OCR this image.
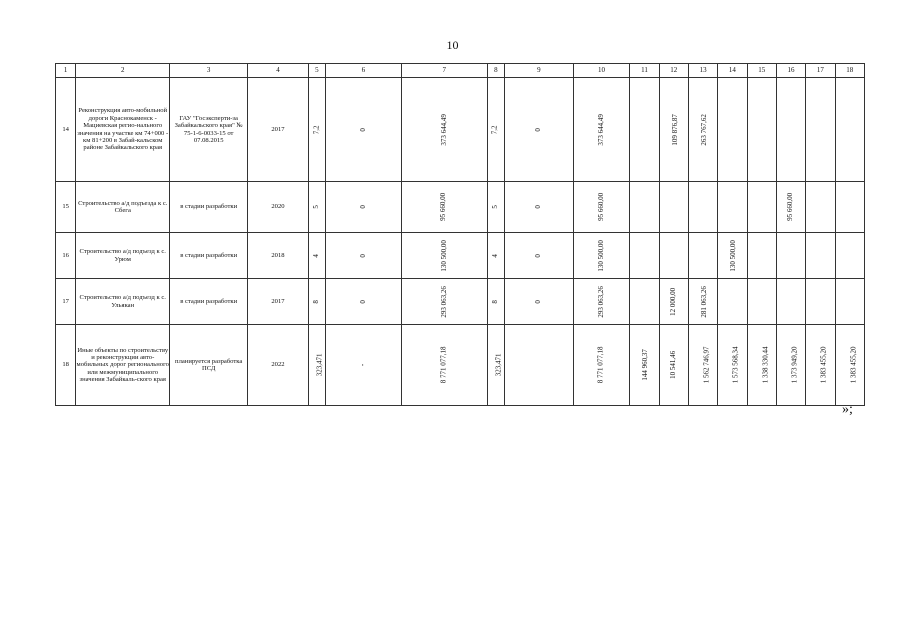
10
1	2	3	4	5	6	7	8	9	10	11	12	13	14	15	16	17	18
14	Реконструкция авто-мобильной дороги Краснокаменск - Мациевская регио-нального значения на участке км 74+000 - км 81+200 в Забай-кальском районе Забайкальского края	ГАУ "Госэксперти-за Забайкальского края" № 75-1-6-0033-15 от 07.08.2015	2017	7,2	0	373 644,49	7,2	0	373 644,49		109 876,87	263 767,62					
15	Строительство а/д подъезда к с. Сбега	в стадии разработки	2020	5	0	95 660,00	5	0	95 660,00						95 660,00		
16	Строительство а/д подъезд к с. Урюм	в стадии разработки	2018	4	0	130 500,00	4	0	130 500,00				130 500,00				
17	Строительство а/д подъезд к с. Ульякан	в стадии разработки	2017	8	0	293 063,26	8	0	293 063,26		12 000,00	281 063,26					
18	Иные объекты по строительству и реконструкции авто-мобильных дорог регионального или межмуниципального значения Забайкаль-ского края	планируется разработка ПСД	2022	323,471	-	8 771 077,18	323,471		8 771 077,18	144 960,37	10 541,46	1 562 746,97	1 573 568,34	1 338 330,44	1 373 949,20	1 383 455,20	1 383 455,20
»;
